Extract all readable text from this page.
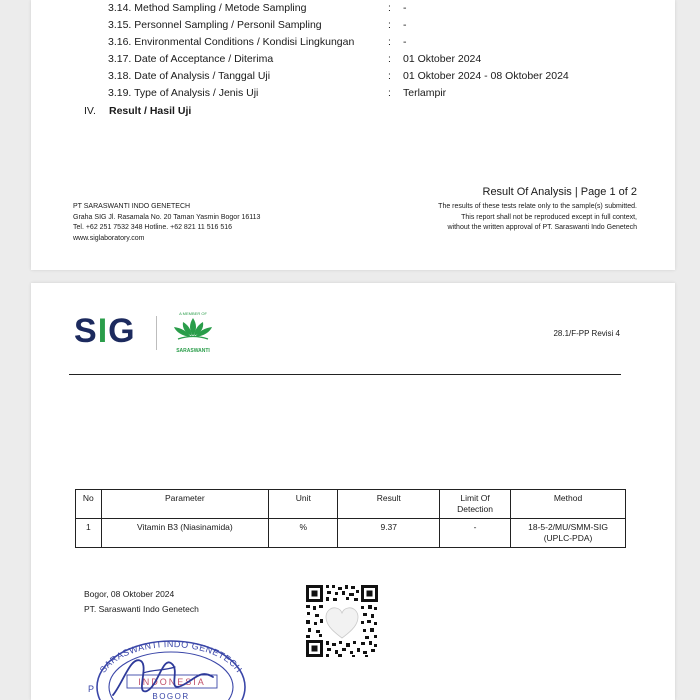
3.14. Method Sampling / Metode Sampling	: -
3.15. Personnel Sampling / Personil Sampling	: -
3.16. Environmental Conditions / Kondisi Lingkungan	: -
3.17. Date of Acceptance / Diterima	: 01 Oktober 2024
3.18. Date of Analysis / Tanggal Uji	: 01 Oktober 2024 - 08 Oktober 2024
3.19. Type of Analysis / Jenis Uji	: Terlampir
IV. Result / Hasil Uji
PT SARASWANTI INDO GENETECH
Graha SIG Jl. Rasamala No. 20 Taman Yasmin Bogor 16113
Tel. +62 251 7532 348 Hotline. +62 821 11 516 516
www.siglaboratory.com
Result Of Analysis | Page 1 of 2
The results of these tests relate only to the sample(s) submitted.
This report shall not be reproduced except in full context,
without the written approval of PT. Saraswanti Indo Genetech
SIG	A MEMBER OF
SARASWANTI
28.1/F-PP Revisi 4
No	Parameter	Unit	Result	Limit Of Detection	Method
1	Vitamin B3 (Niasinamida)	%	9.37	-	18-5-2/MU/SMM-SIG (UPLC-PDA)
Bogor, 08 Oktober 2024
PT. Saraswanti Indo Genetech
SARASWANTI INDO GENETECH
P
INDONESIA
BOGOR
